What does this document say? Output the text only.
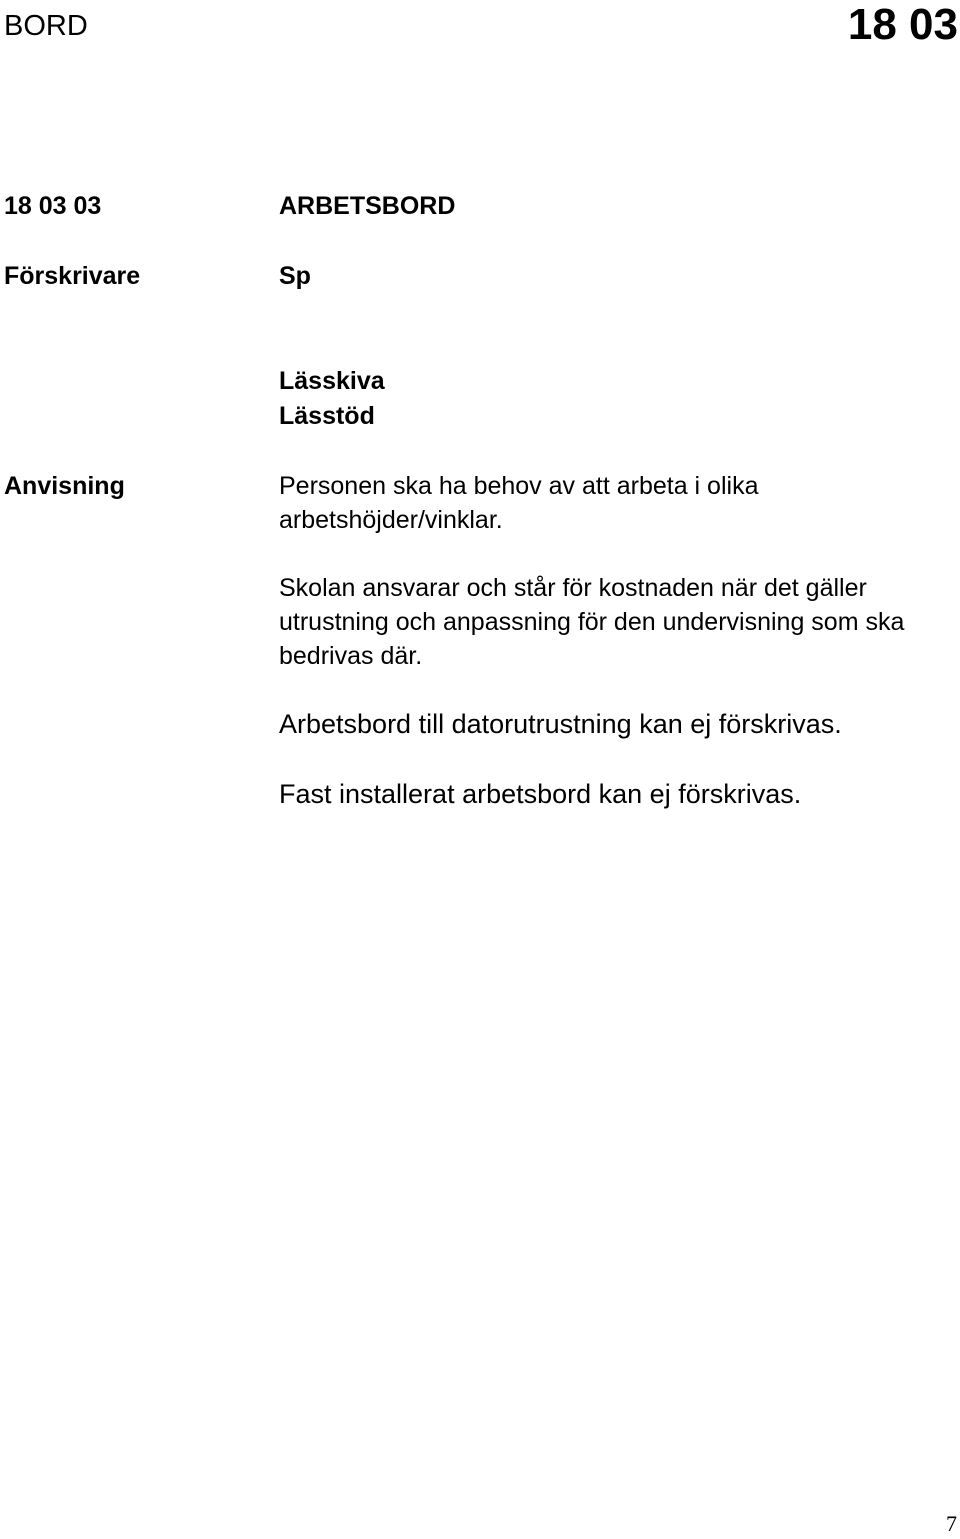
BORD	18 03
18 03 03	ARBETSBORD
Förskrivare	Sp
Lässkiva
Lässtöd
Anvisning	Personen ska ha behov av att arbeta i olika arbetshöjder/vinklar.

Skolan ansvarar och står för kostnaden när det gäller utrustning och anpassning för den undervisning som ska bedrivas där.

Arbetsbord till datorutrustning kan ej förskrivas.

Fast installerat arbetsbord kan ej förskrivas.

7
